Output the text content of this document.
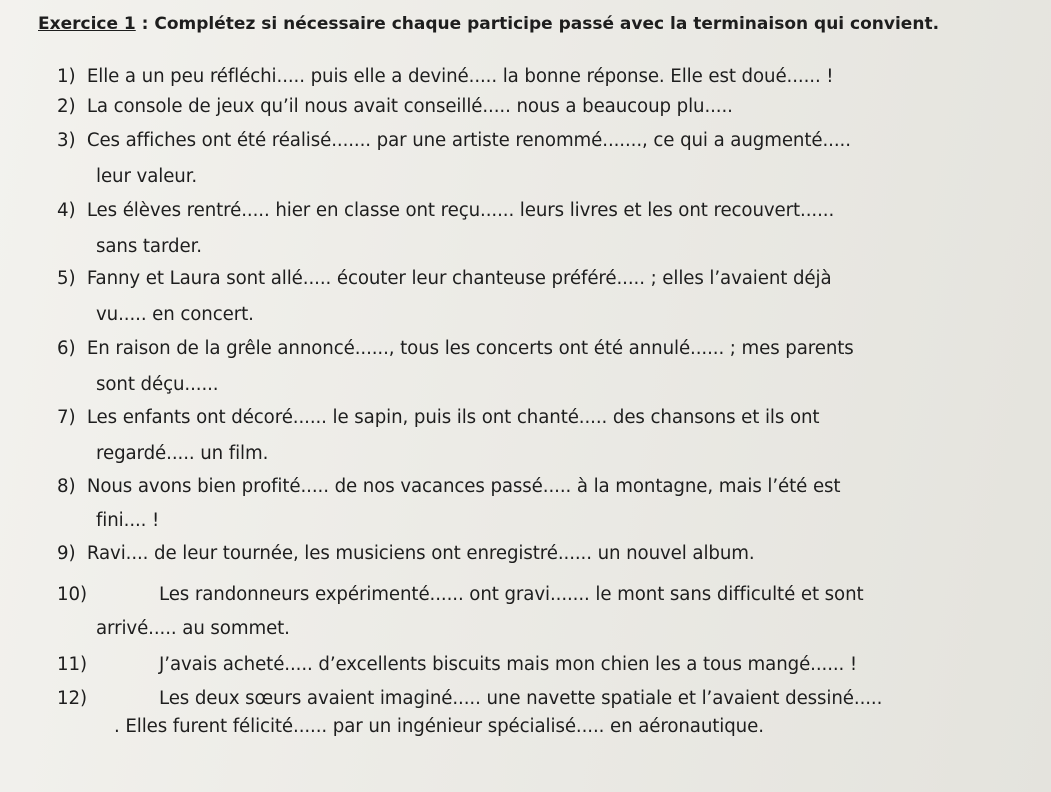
Exercice 1 : Complétez si nécessaire chaque participe passé avec la terminaison qui convient.
1) Elle a un peu réfléchi..... puis elle a deviné..... la bonne réponse. Elle est doué...... !
2) La console de jeux qu’il nous avait conseillé..... nous a beaucoup plu.....
3) Ces affiches ont été réalisé....... par une artiste renommé......., ce qui a augmenté.....
leur valeur.
4) Les élèves rentré..... hier en classe ont reçu...... leurs livres et les ont recouvert......
sans tarder.
5) Fanny et Laura sont allé..... écouter leur chanteuse préféré..... ; elles l’avaient déjà
vu..... en concert.
6) En raison de la grêle annoncé......, tous les concerts ont été annulé...... ; mes parents
sont déçu......
7) Les enfants ont décoré...... le sapin, puis ils ont chanté..... des chansons et ils ont
regardé..... un film.
8) Nous avons bien profité..... de nos vacances passé..... à la montagne, mais l’été est
fini.... !
9) Ravi.... de leur tournée, les musiciens ont enregistré...... un nouvel album.
10)	Les randonneurs expérimenté...... ont gravi....... le mont sans difficulté et sont
arrivé..... au sommet.
11)	J’avais acheté..... d’excellents biscuits mais mon chien les a tous mangé...... !
12)	Les deux sœurs avaient imaginé..... une navette spatiale et l’avaient dessiné.....
. Elles furent félicité...... par un ingénieur spécialisé..... en aéronautique.
